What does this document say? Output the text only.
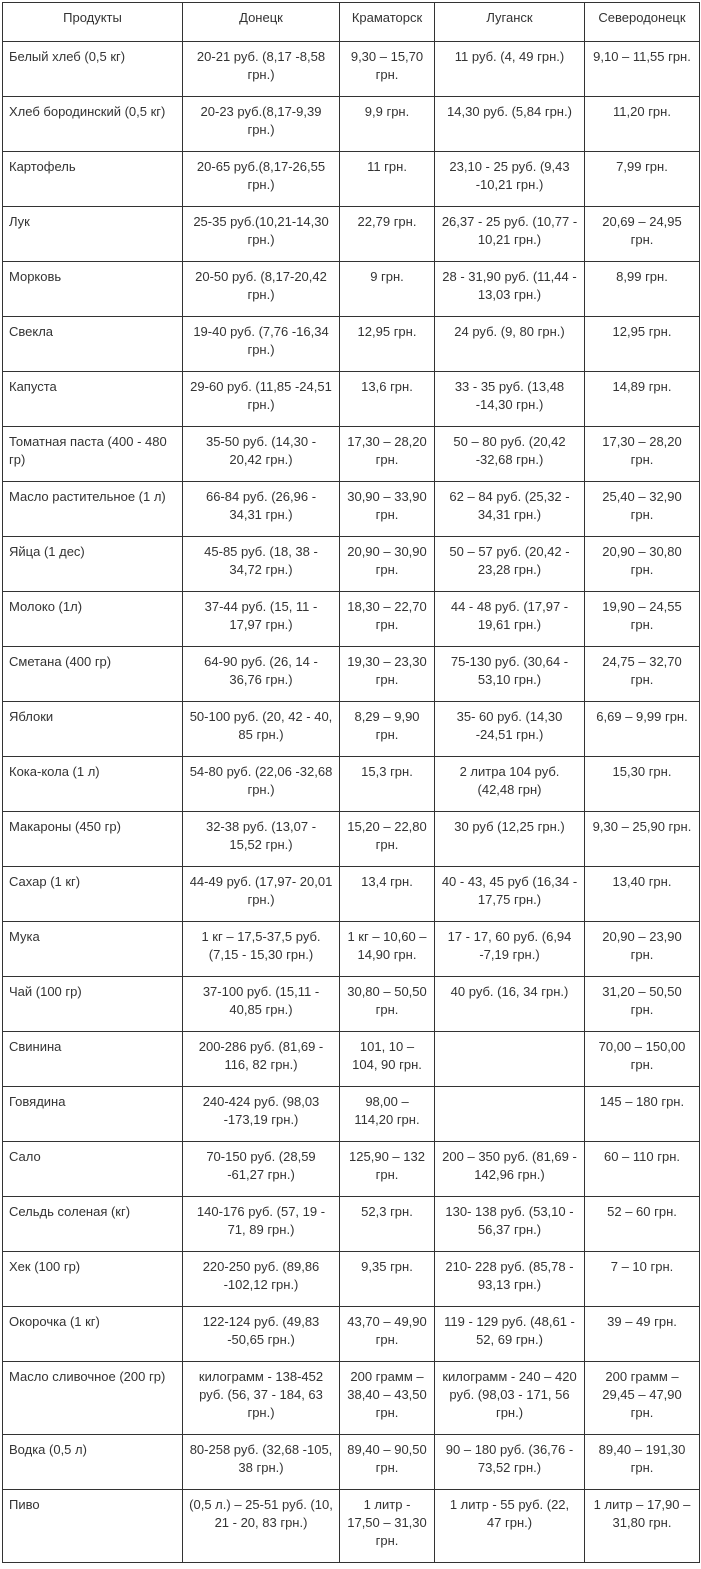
Продукты	Донецк	Краматорск	Луганск	Северодонецк
Белый хлеб (0,5 кг)	20-21 руб. (8,17 -8,58 грн.)	9,30 – 15,70 грн.	11 руб. (4, 49 грн.)	9,10 – 11,55 грн.
Хлеб бородинский (0,5 кг)	20-23 руб.(8,17-9,39 грн.)	9,9 грн.	14,30 руб. (5,84 грн.)	11,20 грн.
Картофель	20-65 руб.(8,17-26,55 грн.)	11 грн.	23,10 - 25 руб. (9,43 -10,21 грн.)	7,99 грн.
Лук	25-35 руб.(10,21-14,30 грн.)	22,79 грн.	26,37 - 25 руб. (10,77 - 10,21 грн.)	20,69 – 24,95 грн.
Морковь	20-50 руб. (8,17-20,42 грн.)	9 грн.	28 - 31,90 руб. (11,44 - 13,03 грн.)	8,99 грн.
Свекла	19-40 руб. (7,76 -16,34 грн.)	12,95 грн.	24 руб. (9, 80 грн.)	12,95 грн.
Капуста	29-60 руб. (11,85 -24,51 грн.)	13,6 грн.	33 - 35 руб. (13,48 -14,30 грн.)	14,89 грн.
Томатная паста (400 - 480 гр)	35-50 руб. (14,30 - 20,42 грн.)	17,30 – 28,20 грн.	50 – 80 руб. (20,42 -32,68 грн.)	17,30 – 28,20 грн.
Масло растительное (1 л)	66-84 руб. (26,96 - 34,31 грн.)	30,90 – 33,90 грн.	62 – 84 руб. (25,32 - 34,31 грн.)	25,40 – 32,90 грн.
Яйца (1 дес)	45-85 руб. (18, 38 - 34,72 грн.)	20,90 – 30,90 грн.	50 – 57 руб. (20,42 - 23,28 грн.)	20,90 – 30,80 грн.
Молоко (1л)	37-44 руб. (15, 11 - 17,97 грн.)	18,30 – 22,70 грн.	44 - 48 руб. (17,97 - 19,61 грн.)	19,90 – 24,55 грн.
Сметана (400 гр)	64-90 руб. (26, 14 - 36,76 грн.)	19,30 – 23,30 грн.	75-130 руб. (30,64 - 53,10 грн.)	24,75 – 32,70 грн.
Яблоки	50-100 руб. (20, 42 - 40, 85 грн.)	8,29 – 9,90 грн.	35- 60 руб. (14,30 -24,51 грн.)	6,69 – 9,99 грн.
Кока-кола (1 л)	54-80 руб. (22,06 -32,68 грн.)	15,3 грн.	2 литра 104 руб. (42,48 грн)	15,30 грн.
Макароны (450 гр)	32-38 руб. (13,07 - 15,52 грн.)	15,20 – 22,80 грн.	30 руб (12,25 грн.)	9,30 – 25,90 грн.
Сахар (1 кг)	44-49 руб. (17,97- 20,01 грн.)	13,4 грн.	40 - 43, 45 руб (16,34 - 17,75 грн.)	13,40 грн.
Мука	1 кг – 17,5-37,5 руб. (7,15 - 15,30 грн.)	1 кг – 10,60 – 14,90 грн.	17 - 17, 60 руб. (6,94 -7,19 грн.)	20,90 – 23,90 грн.
Чай (100 гр)	37-100 руб. (15,11 - 40,85 грн.)	30,80 – 50,50 грн.	40 руб. (16, 34 грн.)	31,20 – 50,50 грн.
Свинина	200-286 руб. (81,69 - 116, 82 грн.)	101, 10 – 104, 90 грн.		70,00 – 150,00 грн.
Говядина	240-424 руб. (98,03 -173,19 грн.)	98,00 – 114,20 грн.		145 – 180 грн.
Сало	70-150 руб. (28,59 -61,27 грн.)	125,90 – 132 грн.	200 – 350 руб. (81,69 - 142,96 грн.)	60 – 110 грн.
Сельдь соленая (кг)	140-176 руб. (57, 19 - 71, 89 грн.)	52,3 грн.	130- 138 руб. (53,10 - 56,37 грн.)	52 – 60 грн.
Хек (100 гр)	220-250 руб. (89,86 -102,12 грн.)	9,35 грн.	210- 228 руб. (85,78 - 93,13 грн.)	7 – 10 грн.
Окорочка (1 кг)	122-124 руб. (49,83 -50,65 грн.)	43,70 – 49,90 грн.	119 - 129 руб. (48,61 - 52, 69 грн.)	39 – 49 грн.
Масло сливочное (200 гр)	килограмм - 138-452 руб. (56, 37 - 184, 63 грн.)	200 грамм – 38,40 – 43,50 грн.	килограмм - 240 – 420 руб. (98,03 - 171, 56 грн.)	200 грамм – 29,45 – 47,90 грн.
Водка (0,5 л)	80-258 руб. (32,68 -105, 38 грн.)	89,40 – 90,50 грн.	90 – 180 руб. (36,76 - 73,52 грн.)	89,40 – 191,30 грн.
Пиво	(0,5 л.) – 25-51 руб. (10, 21 - 20, 83 грн.)	1 литр - 17,50 – 31,30 грн.	1 литр - 55 руб. (22, 47 грн.)	1 литр – 17,90 – 31,80 грн.
